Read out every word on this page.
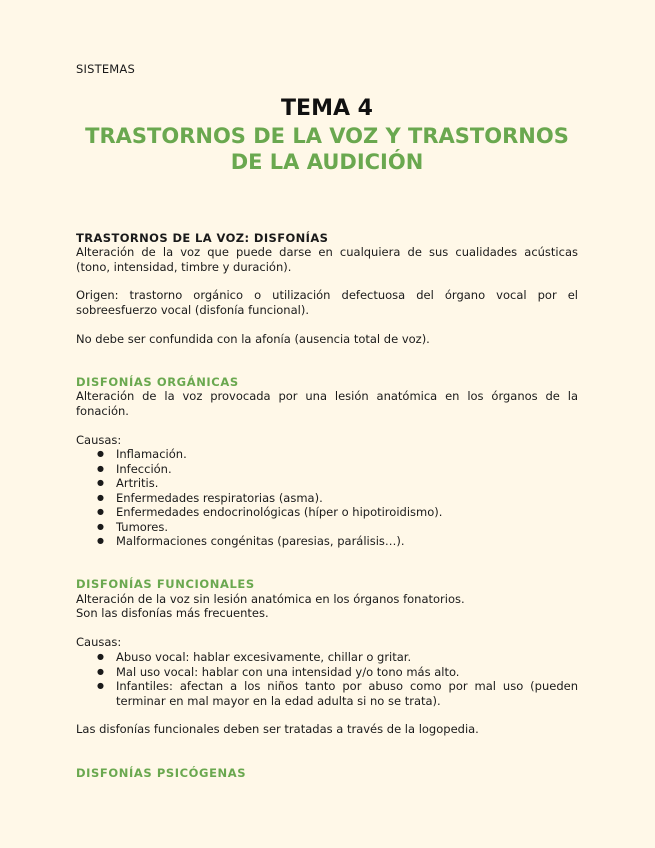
SISTEMAS
TEMA 4
TRASTORNOS DE LA VOZ Y TRASTORNOS
DE LA AUDICIÓN
TRASTORNOS DE LA VOZ: DISFONÍAS
Alteración de la voz que puede darse en cualquiera de sus cualidades acústicas
(tono, intensidad, timbre y duración).
Origen: trastorno orgánico o utilización defectuosa del órgano vocal por el
sobreesfuerzo vocal (disfonía funcional).
No debe ser confundida con la afonía (ausencia total de voz).
DISFONÍAS ORGÁNICAS
Alteración de la voz provocada por una lesión anatómica en los órganos de la
fonación.
Causas:
● Inflamación.
● Infección.
● Artritis.
● Enfermedades respiratorias (asma).
● Enfermedades endocrinológicas (híper o hipotiroidismo).
● Tumores.
● Malformaciones congénitas (paresias, parálisis…).
DISFONÍAS FUNCIONALES
Alteración de la voz sin lesión anatómica en los órganos fonatorios.
Son las disfonías más frecuentes.
Causas:
● Abuso vocal: hablar excesivamente, chillar o gritar.
● Mal uso vocal: hablar con una intensidad y/o tono más alto.
● Infantiles: afectan a los niños tanto por abuso como por mal uso (pueden terminar en mal mayor en la edad adulta si no se trata).
Las disfonías funcionales deben ser tratadas a través de la logopedia.
DISFONÍAS PSICÓGENAS
